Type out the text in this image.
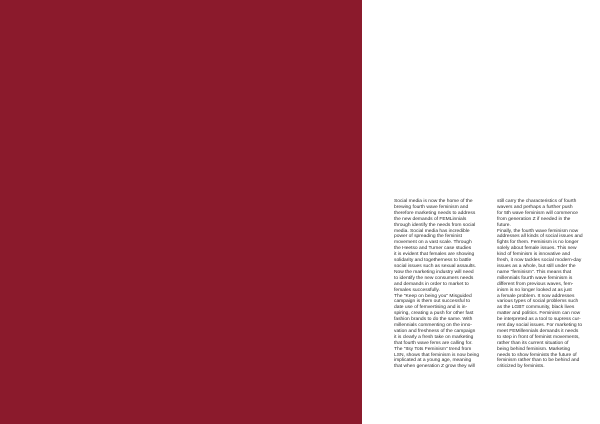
Social media is now the home of the
brewing fourth wave feminism and
therefore marketing needs to address
the new demands of FEMLinnials
through identify the needs from social
media. Social media has incredible
power of spreading the feminist
movement on a vast scale. Through
the Heetso and Turner case studies
it is evident that females are showing
solidarity and togetherness to battle
social issues such as sexual assaults.
Now the marketing industry will need
to identify the new consumers needs
and demands in order to market to
females successfully.
The "Keep on being you" Misguided
campaign is them out successful to
date use of femvertising and is in-
spiring, creating a push for other fast
fashion brands to do the same. With
millennials commenting on the inno-
vation and freshness of the campaign
it is clearly a fresh take on marketing
that fourth wave fems are calling for.
The "Itsy Tots Feminism" trend from
LSN, shows that feminism is now being
implicated at a young age, meaning
that when generation Z grow they will
still carry the characteristics of fourth
wavers and perhaps a further push
for 5th wave feminism will commence
from generation Z if needed in the
future.
Finally, the fourth wave feminism now
addresses all kinds of social issues and
fights for them. Feminism is no longer
solely about female issues. This new
kind of feminism is innovative and
fresh, it now tackles social modern-day
issues as a whole, but still under the
name "feminism". This means that
millennials fourth wave feminism is
different from previous waves, fem-
inism is no longer looked at as just
a female problem. It now addresses
various types of social problems such
as the LGBT community, black lives
matter and politics. Feminism can now
be interpreted as a tool to supress cur-
rent day social issues. For marketing to
meet FEMillennials demands it needs
to step in front of feminist movements,
rather than its current situation of
being behind feminism. Marketing
needs to show feminists the future of
feminism rather than to be behind and
criticized by feminists.
